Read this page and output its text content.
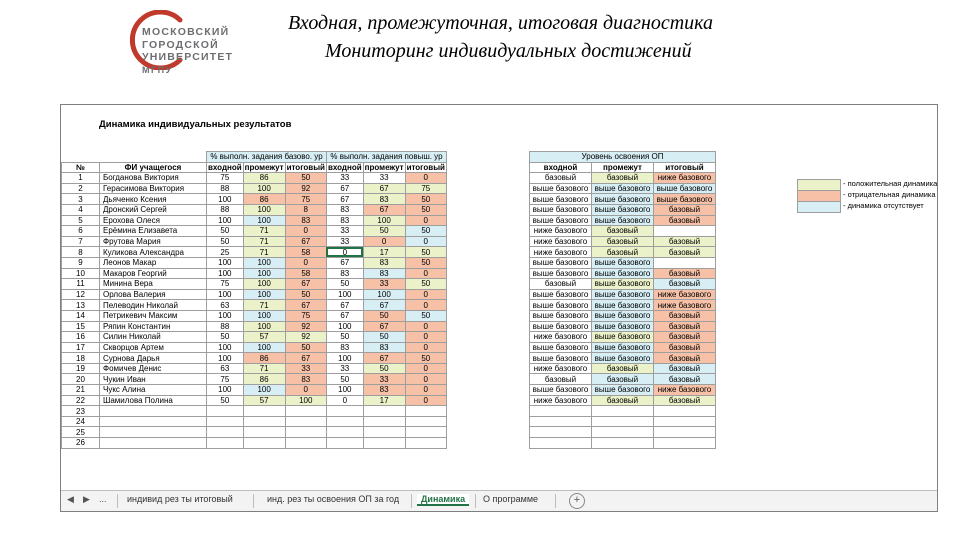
МОСКОВСКИЙ
ГОРОДСКОЙ
УНИВЕРСИТЕТ
МГПУ
Входная, промежуточная, итоговая диагностика
Мониторинг индивидуальных достижений
Динамика индивидуальных результатов
		% выполн. задания базово. ур			% выполн. задания повыш. ур		
№	ФИ учащегося	входной	промежут	итоговый	входной	промежут	итоговый
1	Богданова Виктория	75	86	50	33	33	0
2	Герасимова Виктория	88	100	92	67	67	75
3	Дьяченко Ксения	100	86	75	67	83	50
4	Дронский Сергей	88	100	8	83	67	50
5	Ерохова Олеся	100	100	83	83	100	0
6	Ерёмина Елизавета	50	71	0	33	50	50
7	Фрутова Мария	50	71	67	33	0	0
8	Куликова Александра	25	71	58	0	17	50
9	Леонов Макар	100	100	0	67	83	50
10	Макаров Георгий	100	100	58	83	83	0
11	Минина Вера	75	100	67	50	33	50
12	Орлова Валерия	100	100	50	100	100	0
13	Пелеводин Николай	63	71	67	67	67	0
14	Петрикевич Максим	100	100	75	67	50	50
15	Ряпин Константин	88	100	92	100	67	0
16	Силин Николай	50	57	92	50	50	0
17	Скворцов Артем	100	100	50	83	83	0
18	Сурнова Дарья	100	86	67	100	67	50
19	Фомичев Денис	63	71	33	33	50	0
20	Чукин Иван	75	86	83	50	33	0
21	Чукс Алина	100	100	0	100	83	0
22	Шамилова Полина	50	57	100	0	17	0
23							
24							
25							
26							
Уровень освоения ОП		
входной	промежут	итоговый
базовый	базовый	ниже базового
выше базового	выше базового	выше базового
выше базового	выше базового	выше базового
выше базового	выше базового	базовый
выше базового	выше базового	базовый
ниже базового	базовый	
ниже базового	базовый	базовый
ниже базового	базовый	базовый
выше базового	выше базового	
выше базового	выше базового	базовый
базовый	выше базового	базовый
выше базового	выше базового	ниже базового
выше базового	выше базового	ниже базового
выше базового	выше базового	базовый
выше базового	выше базового	базовый
ниже базового	выше базового	базовый
выше базового	выше базового	базовый
выше базового	выше базового	базовый
ниже базового	базовый	базовый
базовый	базовый	базовый
выше базового	выше базового	ниже базового
ниже базового	базовый	базовый

- положительная динамика
- отрицательная динамика
- динамика отсутствует
◀ ▶ ... индивид рез ты итоговый	инд. рез ты освоения ОП за год	Динамика	О программе	+
